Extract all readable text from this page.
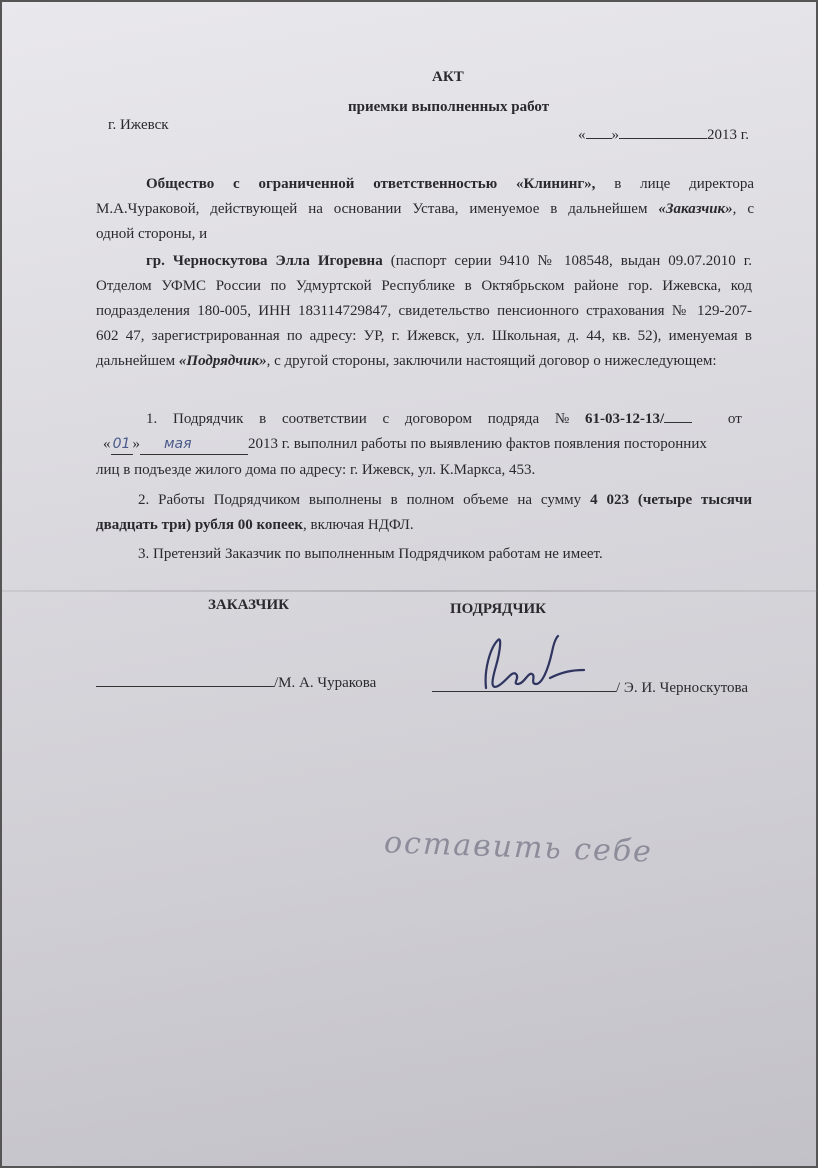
АКТ
приемки выполненных работ
г. Ижевск
« »	2013 г.
Общество с ограниченной ответственностью «Клининг», в лице директора
М.А.Чураковой, действующей на основании Устава, именуемое в дальнейшем «Заказчик», с
одной стороны, и
гр. Черноскутова Элла Игоревна (паспорт серии 9410 № 108548, выдан 09.07.2010 г.
Отделом УФМС России по Удмуртской Республике в Октябрьском районе гор. Ижевска, код
подразделения 180-005, ИНН 183114729847, свидетельство пенсионного страхования № 129-207-
602 47, зарегистрированная по адресу: УР, г. Ижевск, ул. Школьная, д. 44, кв. 52), именуемая в
дальнейшем «Подрядчик», с другой стороны, заключили настоящий договор о нижеследующем:
1. Подрядчик в соответствии с договором подряда № 61-03-12-13/	от
« 01 » мая	2013 г. выполнил работы по выявлению фактов появления посторонних
лиц в подъезде жилого дома по адресу: г. Ижевск, ул. К.Маркса, 453.
2. Работы Подрядчиком выполнены в полном объеме на сумму 4 023 (четыре тысячи
двадцать три) рубля 00 копеек, включая НДФЛ.
3. Претензий Заказчик по выполненным Подрядчиком работам не имеет.
ЗАКАЗЧИК	ПОДРЯДЧИК
/М. А. Чуракова	/ Э. И. Черноскутова
оставить себе
